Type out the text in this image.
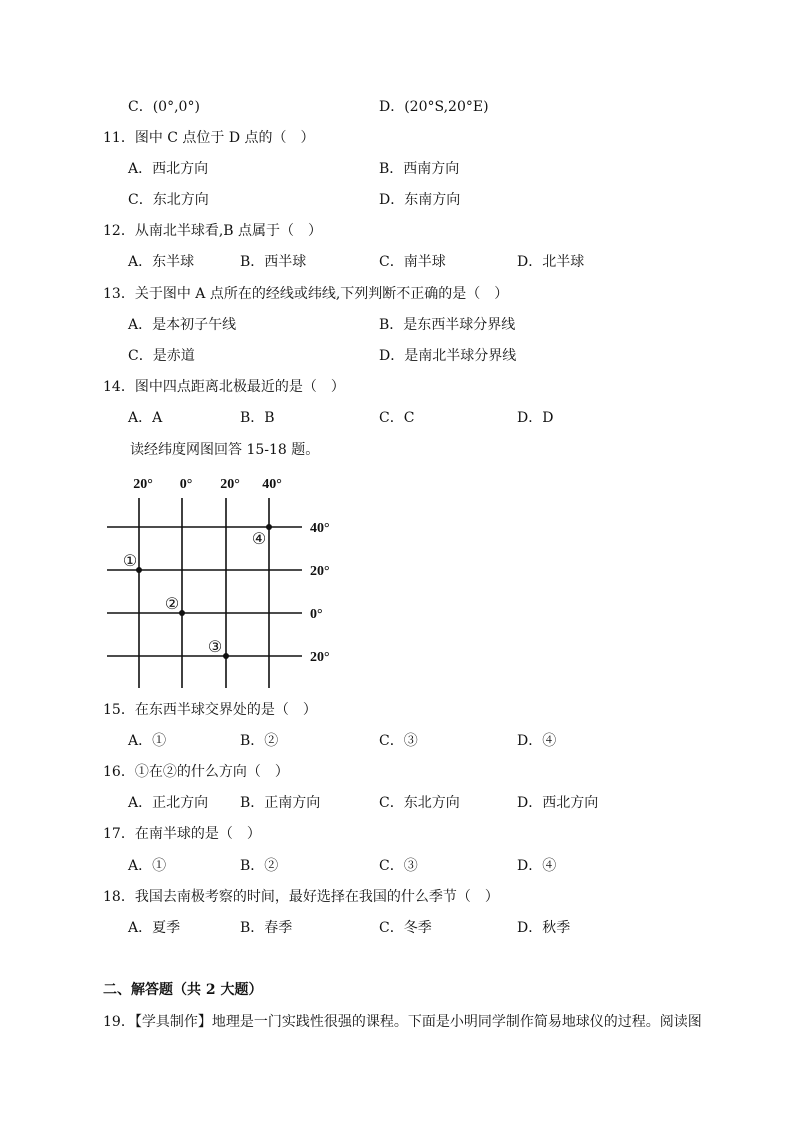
C．(0°,0°)	D．(20°S,20°E)
11．图中 C 点位于 D 点的（　）
A．西北方向	B．西南方向
C．东北方向	D．东南方向
12．从南北半球看,B 点属于（　）
A．东半球	B．西半球	C．南半球	D．北半球
13．关于图中 A 点所在的经线或纬线,下列判断不正确的是（　）
A．是本初子午线	B．是东西半球分界线
C．是赤道	D．是南北半球分界线
14．图中四点距离北极最近的是（　）
A．A	B．B	C．C	D．D
读经纬度网图回答 15-18 题。
20° 0° 20° 40°
40°
20°
0°
20°
①
②
③
④
15．在东西半球交界处的是（　）
A．①	B．②	C．③	D．④
16．①在②的什么方向（　）
A．正北方向 B．正南方向	C．东北方向	D．西北方向
17．在南半球的是（　）
A．①	B．②	C．③	D．④
18．我国去南极考察的时间，最好选择在我国的什么季节（　）
A．夏季	B．春季	C．冬季	D．秋季
二、解答题（共 2 大题）
19．【学具制作】地理是一门实践性很强的课程。下面是小明同学制作简易地球仪的过程。阅读图
